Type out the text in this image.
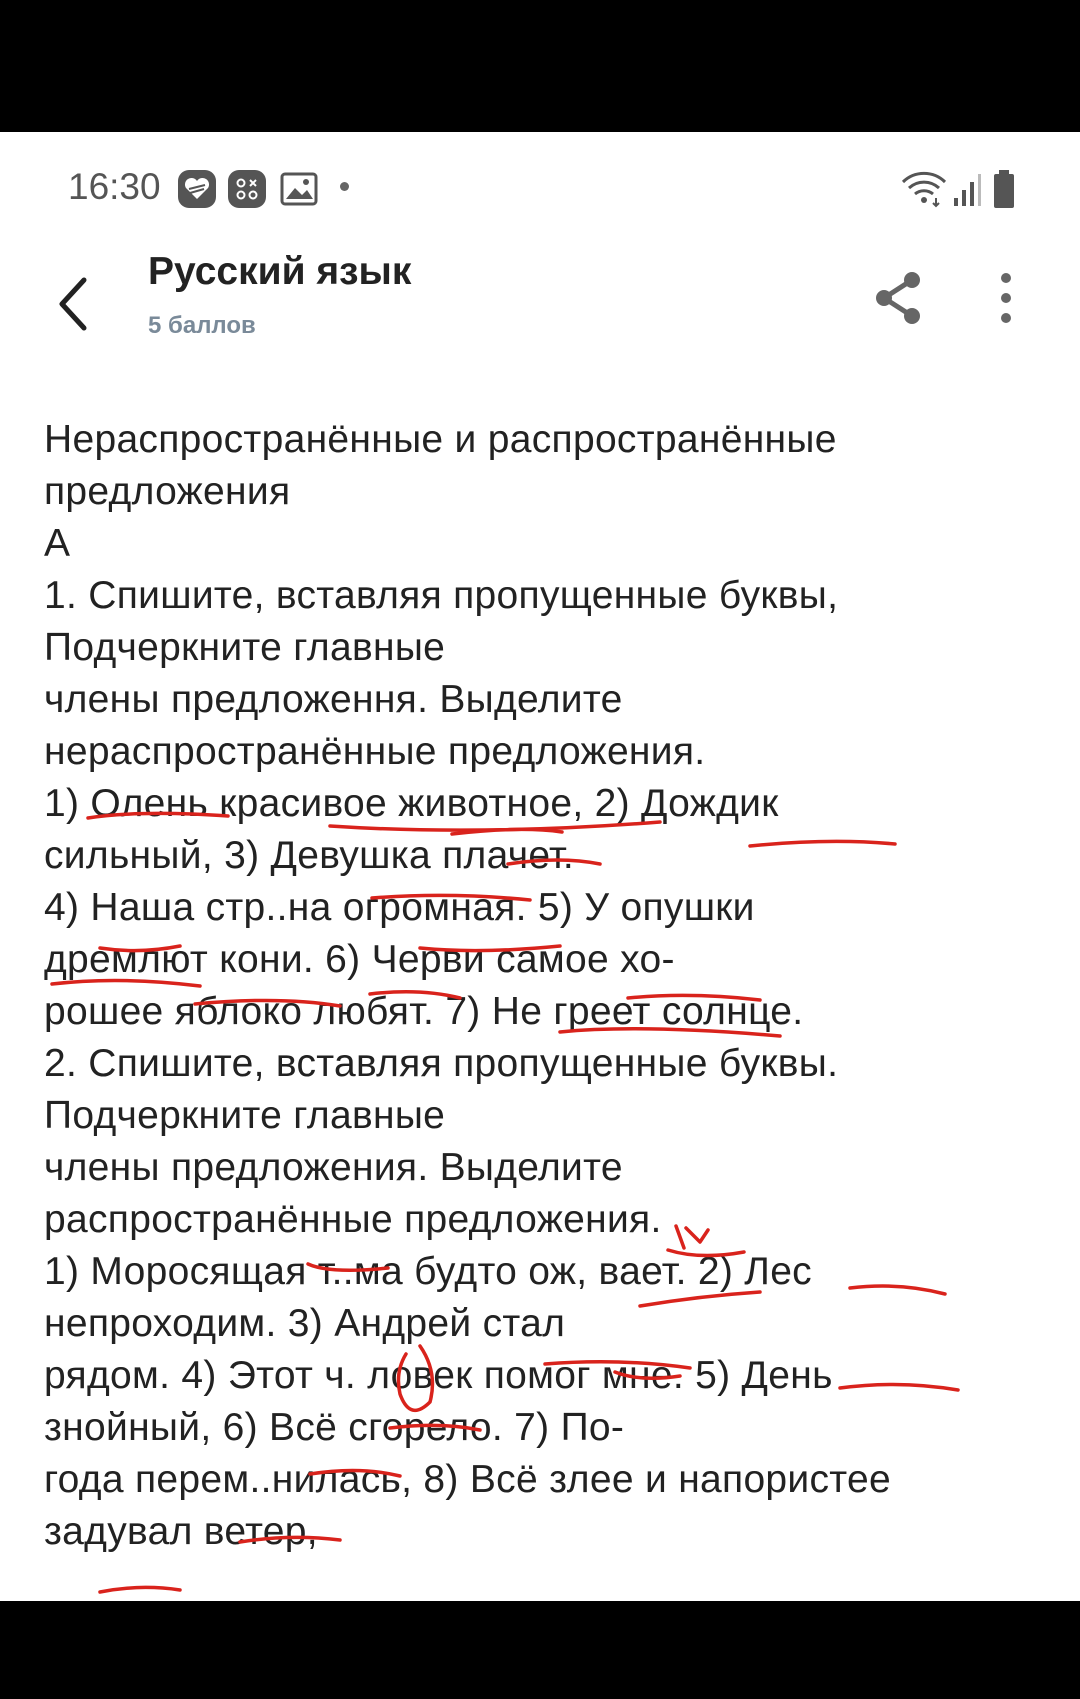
16:30
Русский язык
5 баллов
Нераспространённые и распространённые
предложения
А
1. Спишите, вставляя пропущенные буквы,
Подчеркните главные
члены предложення. Выделите
нераспространённые предложения.
1) Олень красивое животное, 2) Дождик
сильный, 3) Девушка плачет.
4) Наша стр..на огромная. 5) У опушки
дремлют кони. 6) Черви самое хо-
рошее яблоко любят. 7) Не греет солнце.
2. Спишите, вставляя пропущенные буквы.
Подчеркните главные
члены предложения. Выделите
распространённые предложения.
1) Моросящая т..ма будто ож, вает. 2) Лес
непроходим. 3) Андрей стал
рядом. 4) Этот ч. ловек помог мне. 5) День
знойный, 6) Всё сгорело. 7) По-
года перем..нилась, 8) Всё злее и напористее
задувал ветер,
